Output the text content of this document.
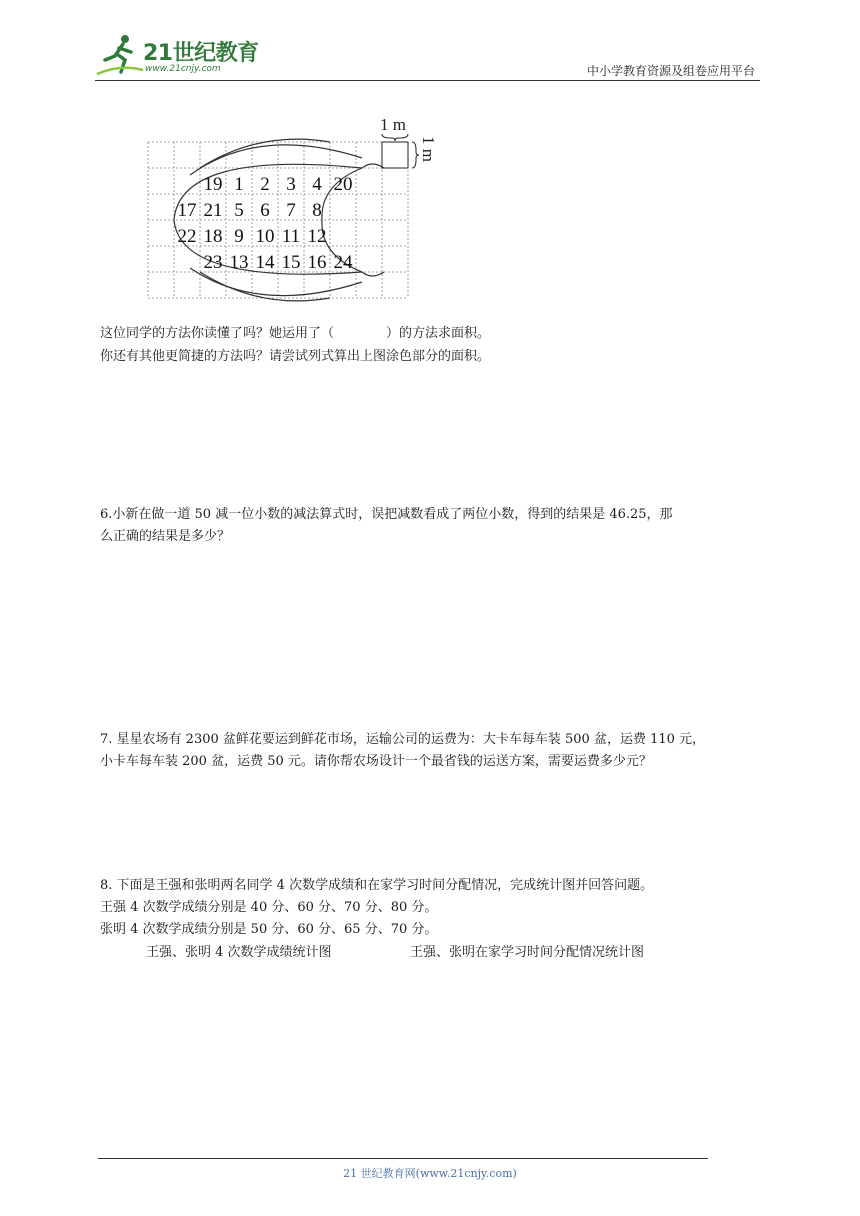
21世纪教育
www.21cnjy.com	中小学教育资源及组卷应用平台
1 m
1 m
19 1 2 3 4 20
17 21 5 6 7 8
22 18 9 10 11 12
23 13 14 15 16 24
这位同学的方法你读懂了吗？她运用了（　　　　）的方法求面积。
你还有其他更简捷的方法吗？请尝试列式算出上图涂色部分的面积。
6.小新在做一道 50 减一位小数的减法算式时，误把减数看成了两位小数，得到的结果是 46.25，那
么正确的结果是多少？
7. 星星农场有 2300 盆鲜花要运到鲜花市场，运输公司的运费为：大卡车每车装 500 盆，运费 110 元，
小卡车每车装 200 盆，运费 50 元。请你帮农场设计一个最省钱的运送方案，需要运费多少元？
8. 下面是王强和张明两名同学 4 次数学成绩和在家学习时间分配情况，完成统计图并回答问题。
王强 4 次数学成绩分别是 40 分、60 分、70 分、80 分。
张明 4 次数学成绩分别是 50 分、60 分、65 分、70 分。
王强、张明 4 次数学成绩统计图	王强、张明在家学习时间分配情况统计图
21 世纪教育网(www.21cnjy.com)
